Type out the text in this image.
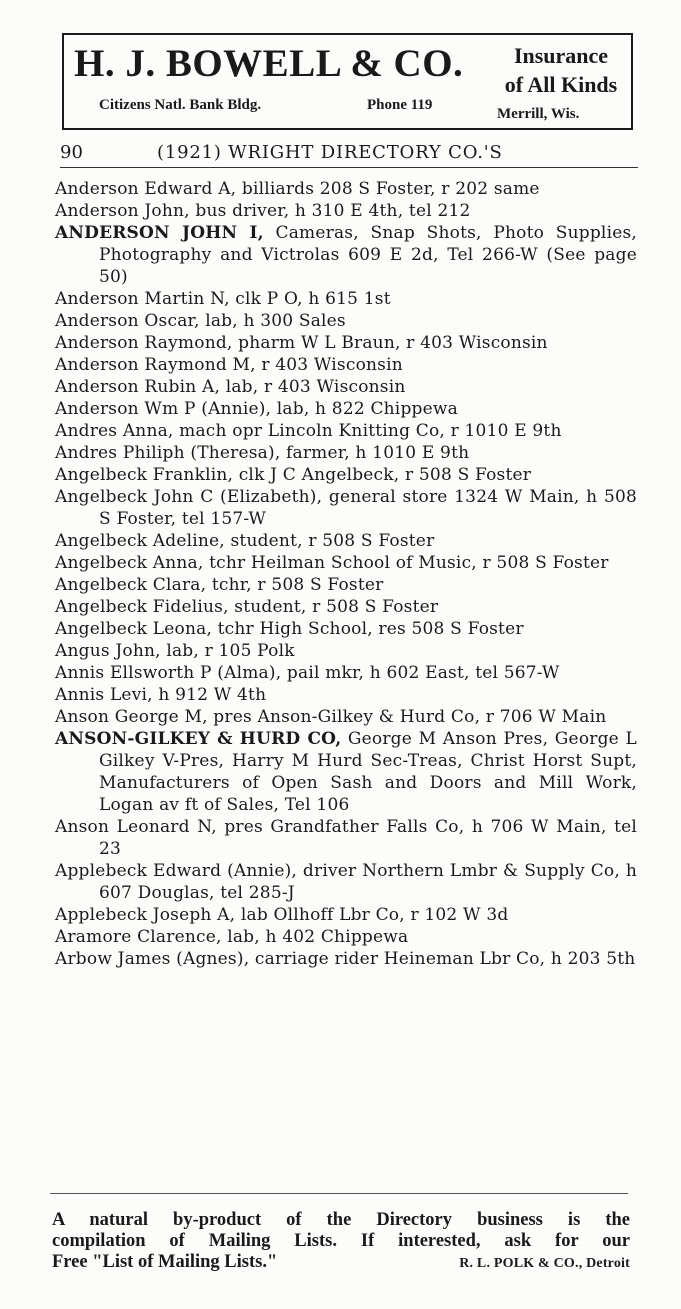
H. J. BOWELL & CO.
Citizens Natl. Bank Bldg.	Phone 119
Insurance
of All Kinds
Merrill, Wis.
90	(1921) WRIGHT DIRECTORY CO.'S
Anderson Edward A, billiards 208 S Foster, r 202 same
Anderson John, bus driver, h 310 E 4th, tel 212
ANDERSON JOHN I, Cameras, Snap Shots, Photo Supplies, Photography and Victrolas 609 E 2d, Tel 266-W (See page 50)
Anderson Martin N, clk P O, h 615 1st
Anderson Oscar, lab, h 300 Sales
Anderson Raymond, pharm W L Braun, r 403 Wisconsin
Anderson Raymond M, r 403 Wisconsin
Anderson Rubin A, lab, r 403 Wisconsin
Anderson Wm P (Annie), lab, h 822 Chippewa
Andres Anna, mach opr Lincoln Knitting Co, r 1010 E 9th
Andres Philiph (Theresa), farmer, h 1010 E 9th
Angelbeck Franklin, clk J C Angelbeck, r 508 S Foster
Angelbeck John C (Elizabeth), general store 1324 W Main, h 508 S Foster, tel 157-W
Angelbeck Adeline, student, r 508 S Foster
Angelbeck Anna, tchr Heilman School of Music, r 508 S Foster
Angelbeck Clara, tchr, r 508 S Foster
Angelbeck Fidelius, student, r 508 S Foster
Angelbeck Leona, tchr High School, res 508 S Foster
Angus John, lab, r 105 Polk
Annis Ellsworth P (Alma), pail mkr, h 602 East, tel 567-W
Annis Levi, h 912 W 4th
Anson George M, pres Anson-Gilkey & Hurd Co, r 706 W Main
ANSON-GILKEY & HURD CO, George M Anson Pres, George L Gilkey V-Pres, Harry M Hurd Sec-Treas, Christ Horst Supt, Manufacturers of Open Sash and Doors and Mill Work, Logan av ft of Sales, Tel 106
Anson Leonard N, pres Grandfather Falls Co, h 706 W Main, tel 23
Applebeck Edward (Annie), driver Northern Lmbr & Supply Co, h 607 Douglas, tel 285-J
Applebeck Joseph A, lab Ollhoff Lbr Co, r 102 W 3d
Aramore Clarence, lab, h 402 Chippewa
Arbow James (Agnes), carriage rider Heineman Lbr Co, h 203 5th
A natural by-product of the Directory business is the
compilation of Mailing Lists. If interested, ask for our
Free "List of Mailing Lists."	R. L. POLK & CO., Detroit
